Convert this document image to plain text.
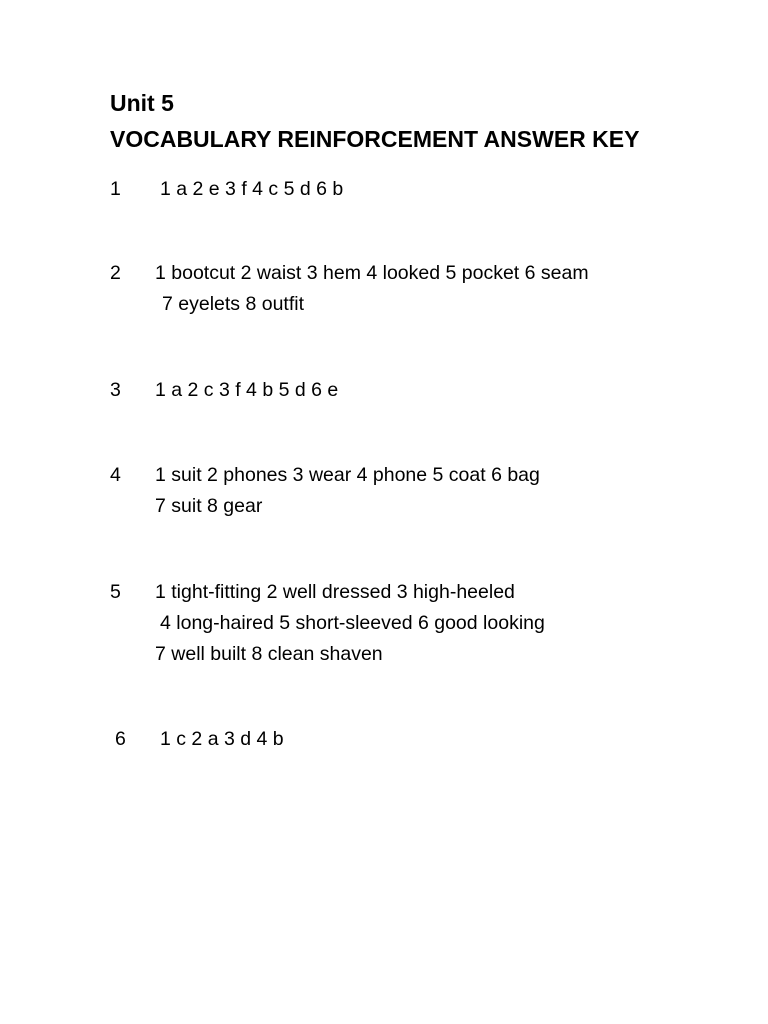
Unit 5
VOCABULARY REINFORCEMENT ANSWER KEY
1 1 a 2 e 3 f 4 c 5 d 6 b
2 1 bootcut 2 waist 3 hem 4 looked 5 pocket 6 seam
7 eyelets 8 outfit
3 1 a 2 c 3 f 4 b 5 d 6 e
4 1 suit 2 phones 3 wear 4 phone 5 coat 6 bag
7 suit 8 gear
5 1 tight-fitting 2 well dressed 3 high-heeled
4 long-haired 5 short-sleeved 6 good looking
7 well built 8 clean shaven
6 1 c 2 a 3 d 4 b
